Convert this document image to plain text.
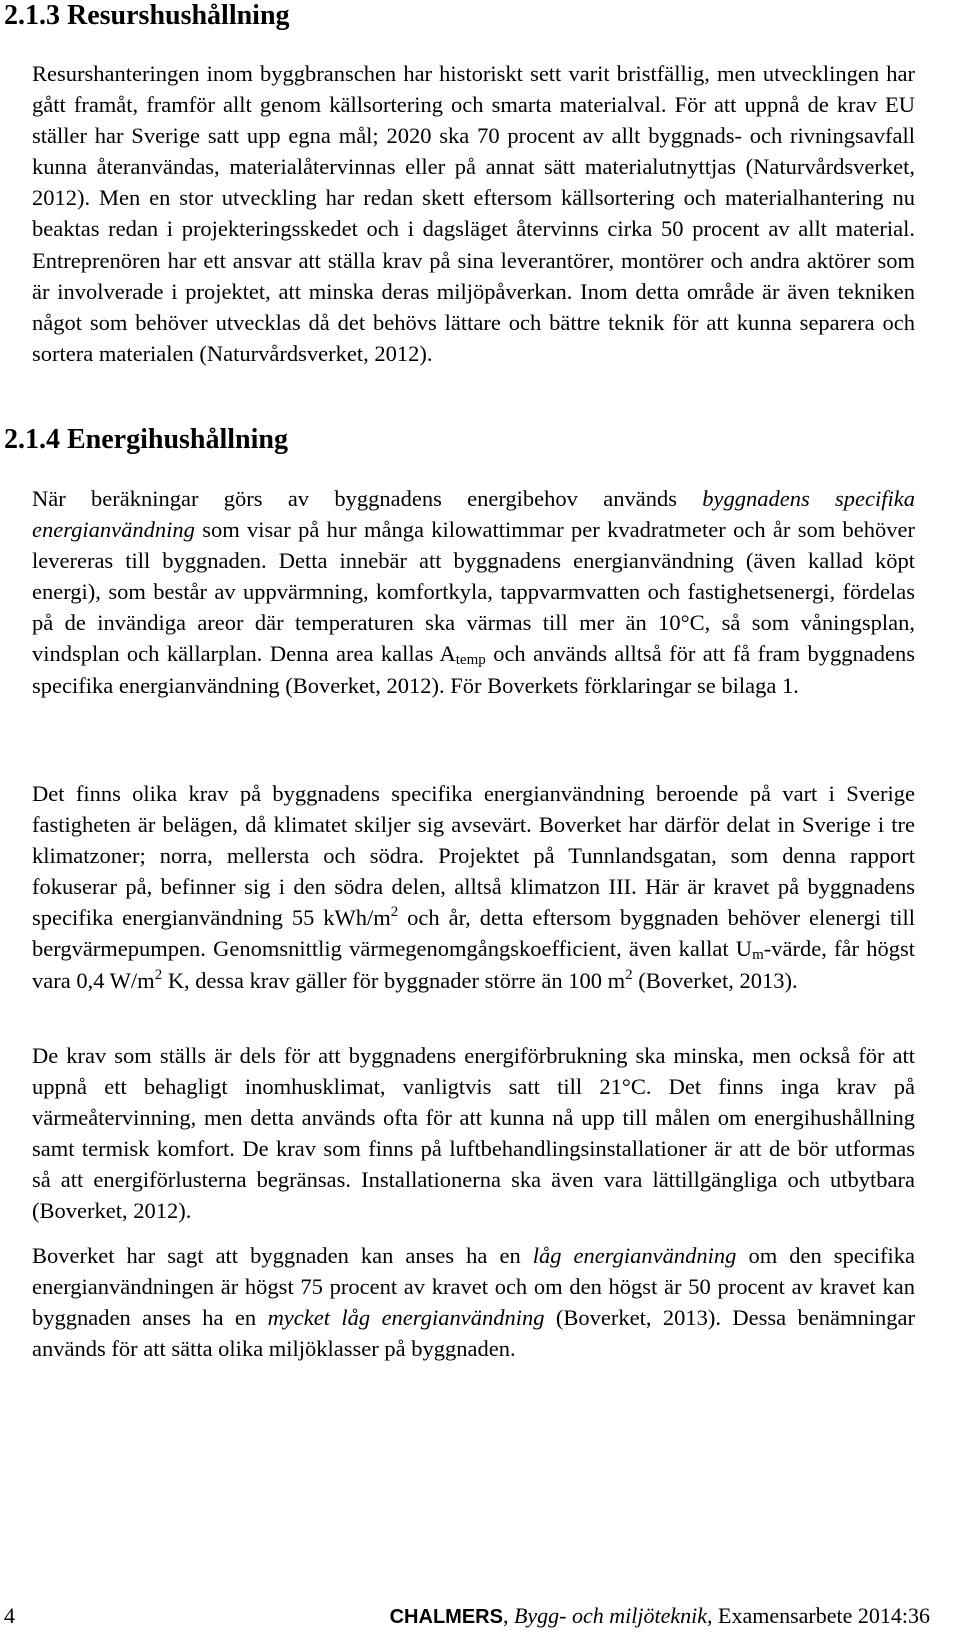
2.1.3 Resurshushållning

Resurshanteringen inom byggbranschen har historiskt sett varit bristfällig, men utvecklingen har gått framåt, framför allt genom källsortering och smarta materialval. För att uppnå de krav EU ställer har Sverige satt upp egna mål; 2020 ska 70 procent av allt byggnads- och rivningsavfall kunna återanvändas, materialåtervinnas eller på annat sätt materialutnyttjas (Naturvårdsverket, 2012). Men en stor utveckling har redan skett eftersom källsortering och materialhantering nu beaktas redan i projekteringsskedet och i dagsläget återvinns cirka 50 procent av allt material. Entreprenören har ett ansvar att ställa krav på sina leverantörer, montörer och andra aktörer som är involverade i projektet, att minska deras miljöpåverkan. Inom detta område är även tekniken något som behöver utvecklas då det behövs lättare och bättre teknik för att kunna separera och sortera materialen (Naturvårdsverket, 2012).

2.1.4 Energihushållning

När beräkningar görs av byggnadens energibehov används byggnadens specifika energianvändning som visar på hur många kilowattimmar per kvadratmeter och år som behöver levereras till byggnaden. Detta innebär att byggnadens energianvändning (även kallad köpt energi), som består av uppvärmning, komfortkyla, tappvarmvatten och fastighetsenergi, fördelas på de invändiga areor där temperaturen ska värmas till mer än 10°C, så som våningsplan, vindsplan och källarplan. Denna area kallas $A_{temp}$ och används alltså för att få fram byggnadens specifika energianvändning (Boverket, 2012). För Boverkets förklaringar se bilaga 1.

Det finns olika krav på byggnadens specifika energianvändning beroende på vart i Sverige fastigheten är belägen, då klimatet skiljer sig avsevärt. Boverket har därför delat in Sverige i tre klimatzoner; norra, mellersta och södra. Projektet på Tunnlandsgatan, som denna rapport fokuserar på, befinner sig i den södra delen, alltså klimatzon III. Här är kravet på byggnadens specifika energianvändning 55 kWh/$m^2$ och år, detta eftersom byggnaden behöver elenergi till bergvärmepumpen. Genomsnittlig värmegenomgångskoefficient, även kallat $U_m$-värde, får högst vara 0,4 $W/m^2$ K, dessa krav gäller för byggnader större än 100 $m^2$ (Boverket, 2013).

De krav som ställs är dels för att byggnadens energiförbrukning ska minska, men också för att uppnå ett behagligt inomhusklimat, vanligtvis satt till 21°C. Det finns inga krav på värmeåtervinning, men detta används ofta för att kunna nå upp till målen om energihushållning samt termisk komfort. De krav som finns på luftbehandlingsinstallationer är att de bör utformas så att energiförlusterna begränsas. Installationerna ska även vara lättillgängliga och utbytbara (Boverket, 2012).

Boverket har sagt att byggnaden kan anses ha en låg energianvändning om den specifika energianvändningen är högst 75 procent av kravet och om den högst är 50 procent av kravet kan byggnaden anses ha en mycket låg energianvändning (Boverket, 2013). Dessa benämningar används för att sätta olika miljöklasser på byggnaden.

4	CHALMERS, Bygg- och miljöteknik, Examensarbete 2014:36
